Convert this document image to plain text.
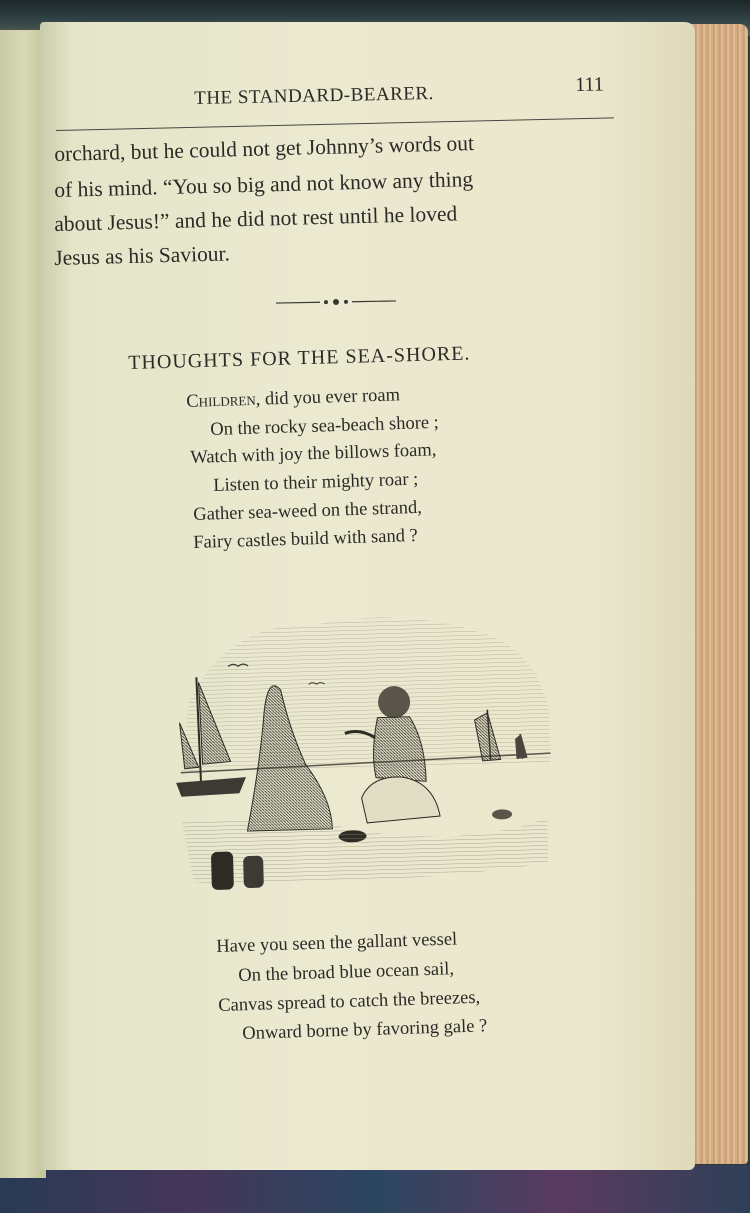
THE STANDARD-BEARER.	111
orchard, but he could not get Johnny’s words out
of his mind. “You so big and not know any thing
about Jesus!” and he did not rest until he loved
Jesus as his Saviour.
THOUGHTS FOR THE SEA-SHORE.
Children, did you ever roam
On the rocky sea-beach shore ;
Watch with joy the billows foam,
Listen to their mighty roar ;
Gather sea-weed on the strand,
Fairy castles build with sand ?
Have you seen the gallant vessel
On the broad blue ocean sail,
Canvas spread to catch the breezes,
Onward borne by favoring gale ?
